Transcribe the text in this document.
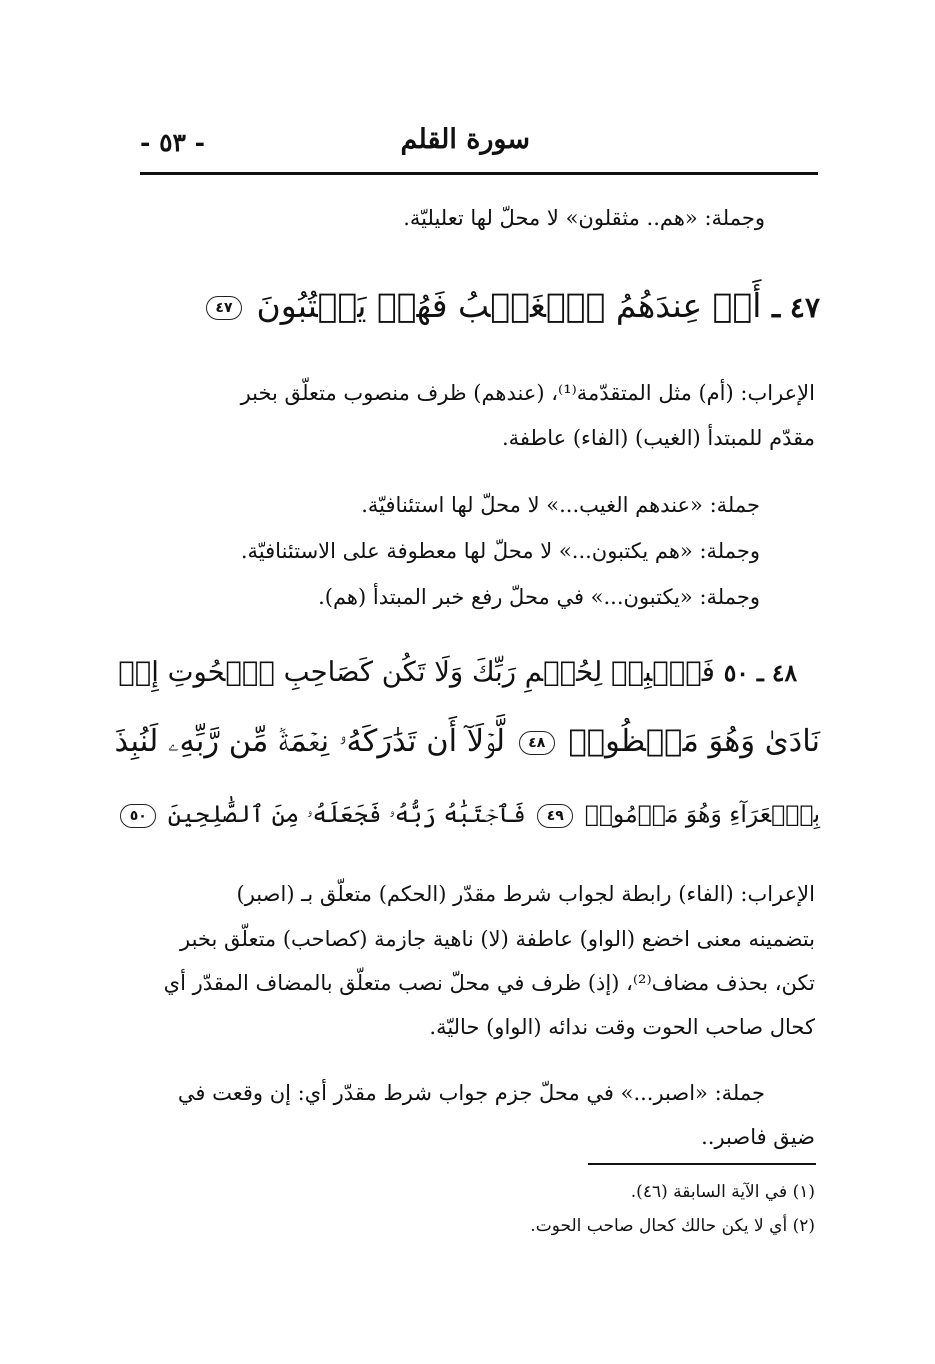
سورة القلم
- ٥٣ -
وجملة: «هم.. مثقلون» لا محلّ لها تعليليّة.
٤٧ ـ أَمۡ عِندَهُمُ ٱلۡغَيۡبُ فَهُمۡ يَكۡتُبُونَ ٤٧
الإعراب: (أم) مثل المتقدّمة⁽¹⁾، (عندهم) ظرف منصوب متعلّق بخبر
مقدّم للمبتدأ (الغيب) (الفاء) عاطفة.
جملة: «عندهم الغيب...» لا محلّ لها استئنافيّة.
وجملة: «هم يكتبون...» لا محلّ لها معطوفة على الاستئنافيّة.
وجملة: «يكتبون...» في محلّ رفع خبر المبتدأ (هم).
٤٨ ـ ٥٠ فَٱصۡبِرۡ لِحُكۡمِ رَبِّكَ وَلَا تَكُن كَصَاحِبِ ٱلۡحُوتِ إِذۡ
نَادَىٰ وَهُوَ مَكۡظُومٞ ٤٨ لَّوۡلَآ أَن تَدَٰرَكَهُۥ نِعۡمَةٞ مِّن رَّبِّهِۦ لَنُبِذَ
بِٱلۡعَرَآءِ وَهُوَ مَذۡمُومٞ ٤٩ فَٱجۡتَبَٰهُ رَبُّهُۥ فَجَعَلَهُۥ مِنَ ٱلصَّٰلِحِينَ ٥٠
الإعراب: (الفاء) رابطة لجواب شرط مقدّر (الحكم) متعلّق بـ (اصبر)
بتضمينه معنى اخضع (الواو) عاطفة (لا) ناهية جازمة (كصاحب) متعلّق بخبر
تكن، بحذف مضاف⁽²⁾، (إذ) ظرف في محلّ نصب متعلّق بالمضاف المقدّر أي
كحال صاحب الحوت وقت ندائه (الواو) حاليّة.
جملة: «اصبر...» في محلّ جزم جواب شرط مقدّر أي: إن وقعت في
ضيق فاصبر..
(١) في الآية السابقة (٤٦).
(٢) أي لا يكن حالك كحال صاحب الحوت.
